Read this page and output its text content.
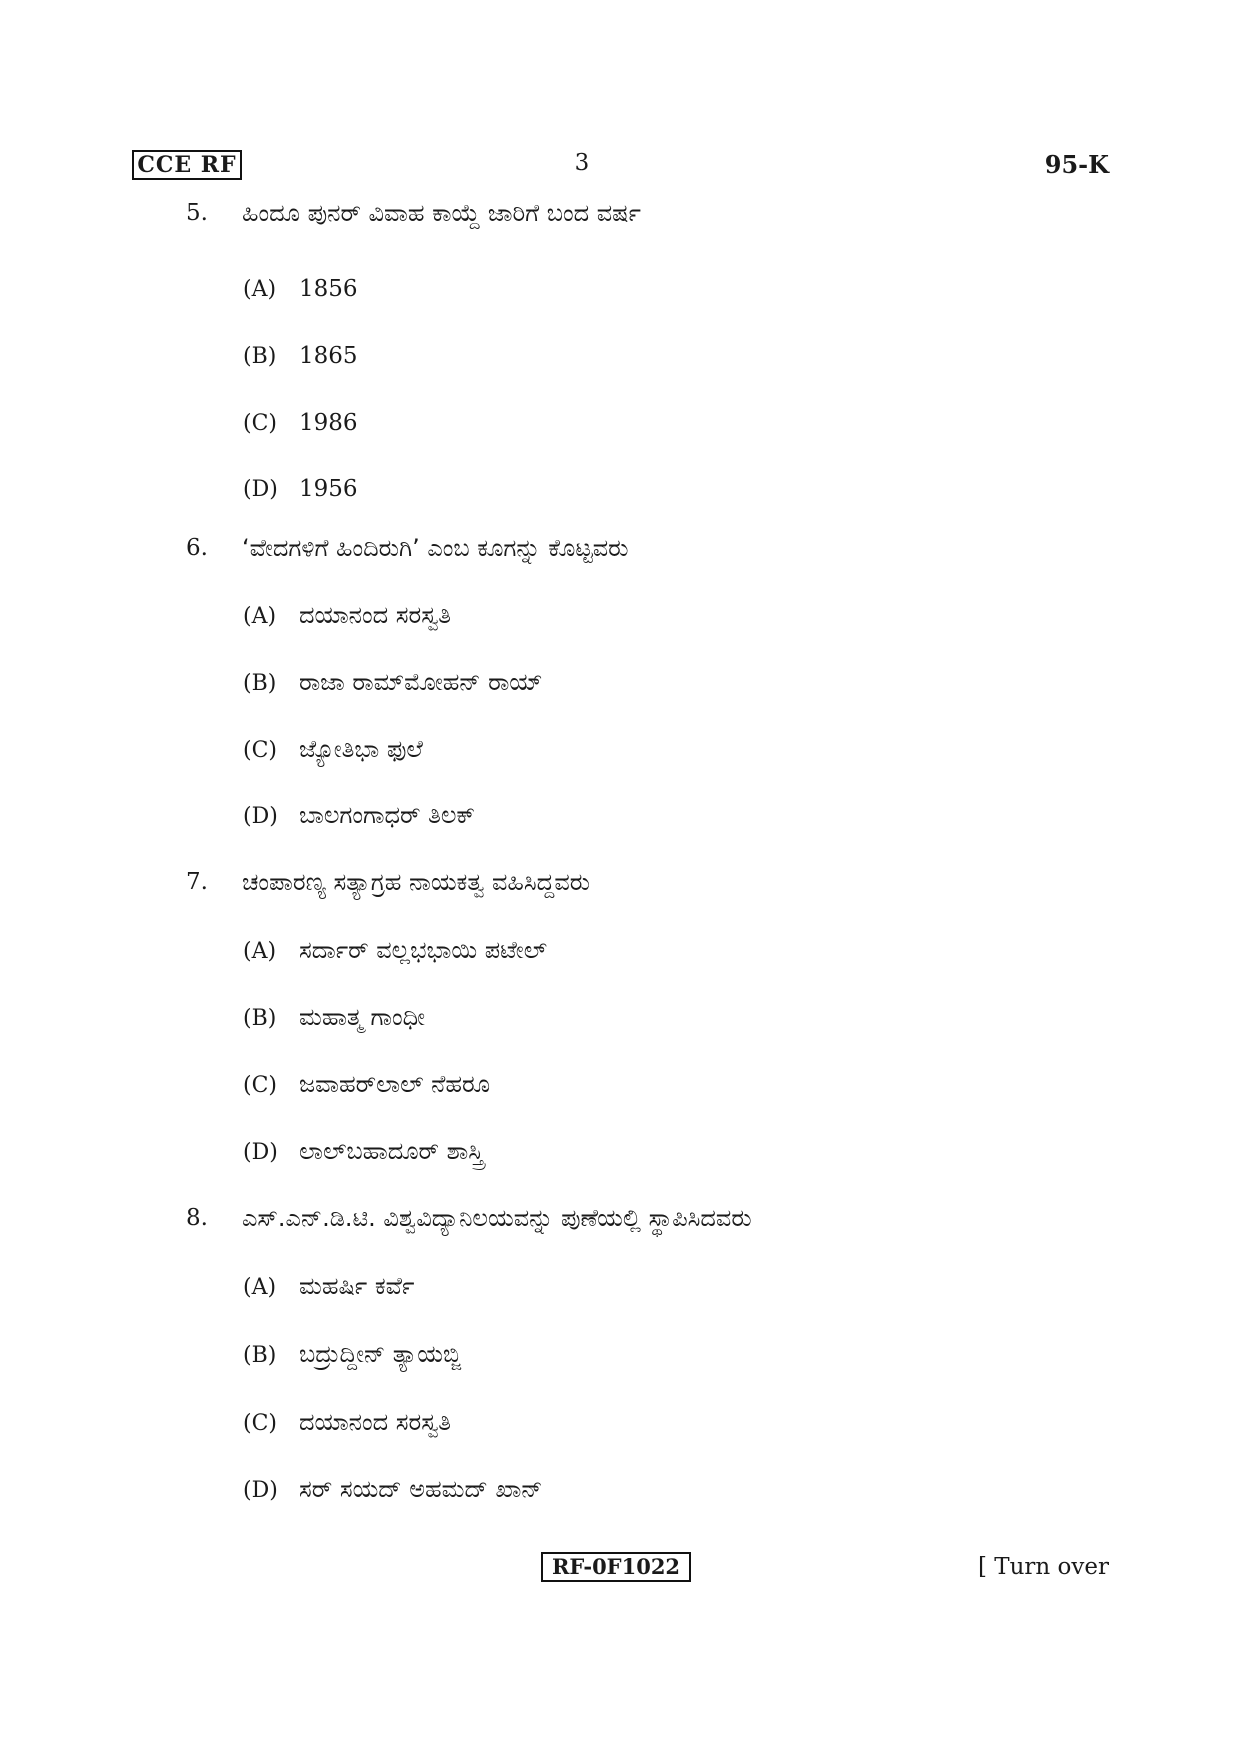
CCE RF	3	95-K
5. ಹಿಂದೂ ಪುನರ್ ವಿವಾಹ ಕಾಯ್ದೆ ಜಾರಿಗೆ ಬಂದ ವರ್ಷ
(A) 1856
(B) 1865
(C) 1986
(D) 1956
6. ‘ವೇದಗಳಿಗೆ ಹಿಂದಿರುಗಿ’ ಎಂಬ ಕೂಗನ್ನು ಕೊಟ್ಟವರು
(A) ದಯಾನಂದ ಸರಸ್ವತಿ
(B) ರಾಜಾ ರಾಮ್‌ಮೋಹನ್ ರಾಯ್
(C) ಜ್ಯೋತಿಭಾ ಫುಲೆ
(D) ಬಾಲಗಂಗಾಧರ್ ತಿಲಕ್
7. ಚಂಪಾರಣ್ಯ ಸತ್ಯಾಗ್ರಹ ನಾಯಕತ್ವ ವಹಿಸಿದ್ದವರು
(A) ಸರ್ದಾರ್ ವಲ್ಲಭಭಾಯಿ ಪಟೇಲ್
(B) ಮಹಾತ್ಮ ಗಾಂಧೀ
(C) ಜವಾಹರ್‌ಲಾಲ್ ನೆಹರೂ
(D) ಲಾಲ್‌ಬಹಾದೂರ್ ಶಾಸ್ತ್ರಿ
8. ಎಸ್.ಎನ್.ಡಿ.ಟಿ. ವಿಶ್ವವಿದ್ಯಾನಿಲಯವನ್ನು ಪುಣೆಯಲ್ಲಿ ಸ್ಥಾಪಿಸಿದವರು
(A) ಮಹರ್ಷಿ ಕರ್ವೆ
(B) ಬದ್ರುದ್ದೀನ್ ತ್ಯಾಯಬ್ಜಿ
(C) ದಯಾನಂದ ಸರಸ್ವತಿ
(D) ಸರ್ ಸಯದ್ ಅಹಮದ್ ಖಾನ್
RF-0F1022	[ Turn over
